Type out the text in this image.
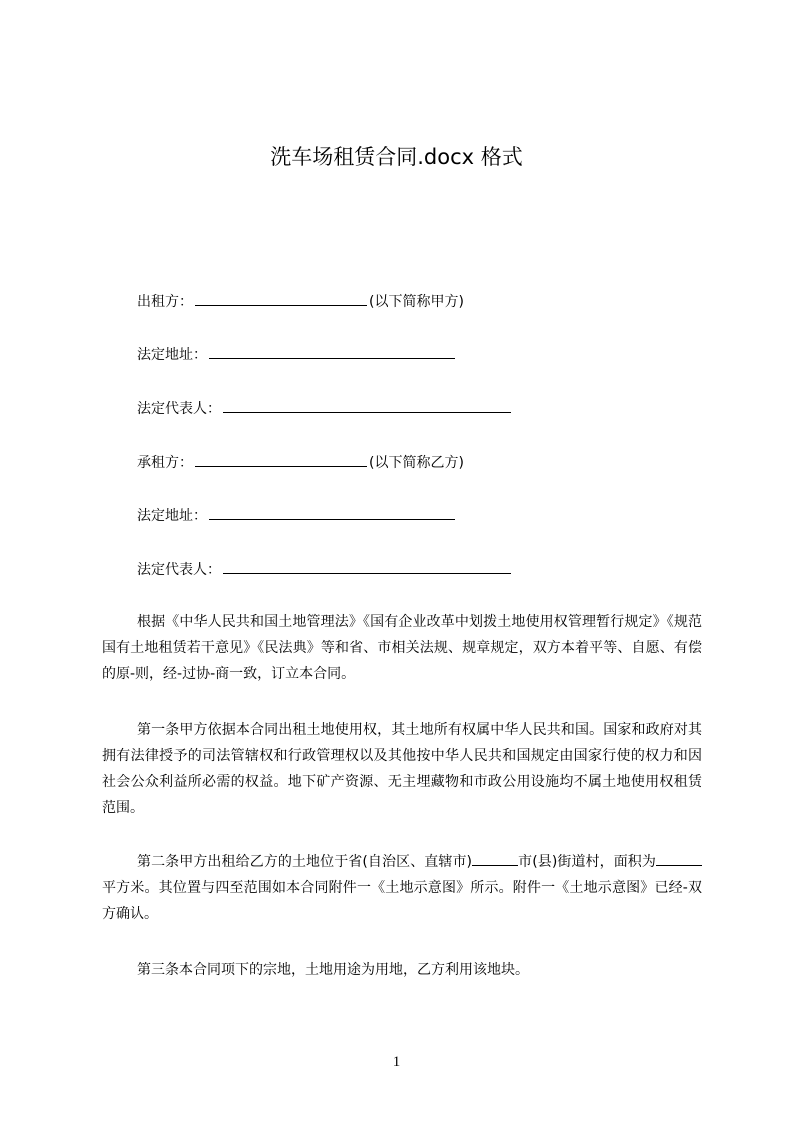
洗车场租赁合同.docx 格式
出租方：	(以下简称甲方)
法定地址：
法定代表人：
承租方：	(以下简称乙方)
法定地址：
法定代表人：
根据《中华人民共和国土地管理法》《国有企业改革中划拨土地使用权管理暂行规定》《规范国有土地租赁若干意见》《民法典》等和省、市相关法规、规章规定，双方本着平等、自愿、有偿的原-则，经-过协-商一致，订立本合同。
第一条甲方依据本合同出租土地使用权，其土地所有权属中华人民共和国。国家和政府对其拥有法律授予的司法管辖权和行政管理权以及其他按中华人民共和国规定由国家行使的权力和因社会公众利益所必需的权益。地下矿产资源、无主埋藏物和市政公用设施均不属土地使用权租赁范围。
第二条甲方出租给乙方的土地位于省(自治区、直辖市)	市(县)街道村，面积为平方米。其位置与四至范围如本合同附件一《土地示意图》所示。附件一《土地示意图》已经-双方确认。
第三条本合同项下的宗地，土地用途为用地，乙方利用该地块。
1
